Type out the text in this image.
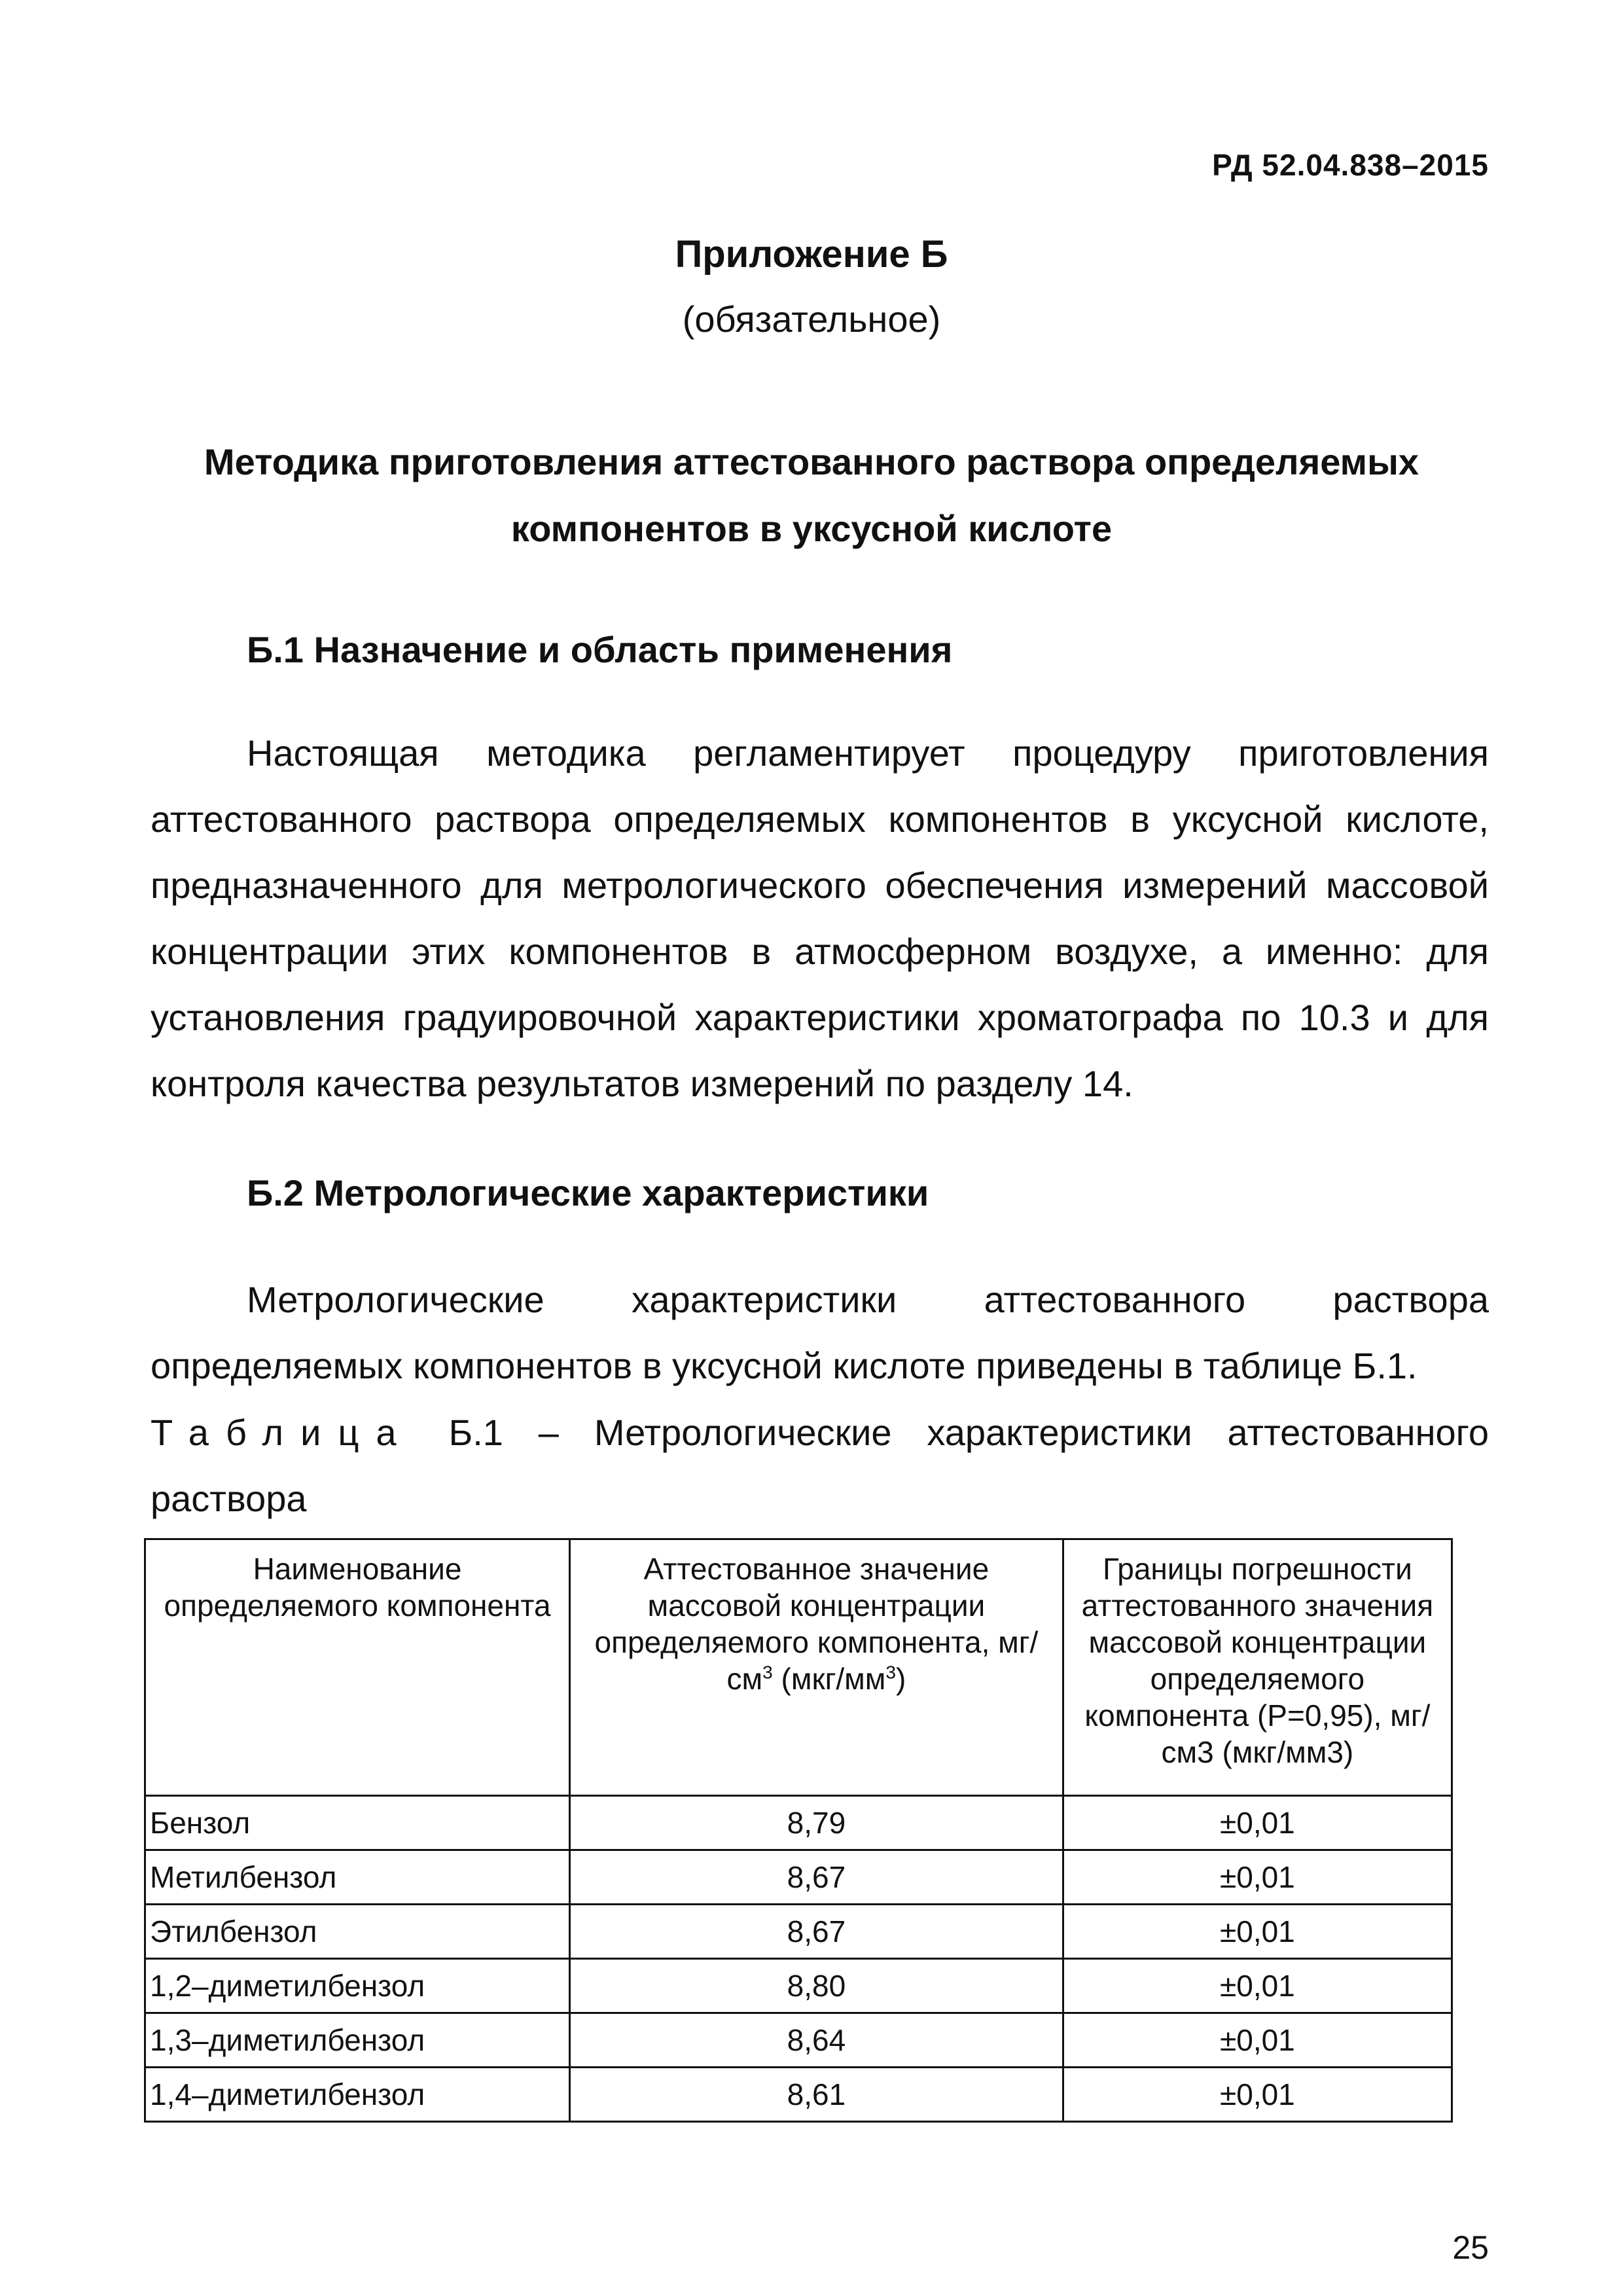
РД 52.04.838–2015
Приложение Б
(обязательное)
Методика приготовления аттестованного раствора определяемых компонентов в уксусной кислоте
Б.1 Назначение и область применения
Настоящая методика регламентирует процедуру приготовления аттестованного раствора определяемых компонентов в уксусной кислоте, предназначенного для метрологического обеспечения измерений массовой концентрации этих компонентов в атмосферном воздухе, а именно: для установления градуировочной характеристики хроматографа по 10.3 и для контроля качества результатов измерений по разделу 14.
Б.2 Метрологические характеристики
Метрологические характеристики аттестованного раствора определяемых компонентов в уксусной кислоте приведены в таблице Б.1.
Таблица Б.1 – Метрологические характеристики аттестованного раствора
Наименование определяемого компонента	Аттестованное значение массовой концентрации определяемого компонента, $мг/см^3$ $(мкг/мм^3)$	Границы погрешности аттестованного значения массовой концентрации определяемого компонента (Р=0,95), мг/см3 (мкг/мм3)
Бензол	8,79	±0,01
Метилбензол	8,67	±0,01
Этилбензол	8,67	±0,01
1,2–диметилбензол	8,80	±0,01
1,3–диметилбензол	8,64	±0,01
1,4–диметилбензол	8,61	±0,01
25
